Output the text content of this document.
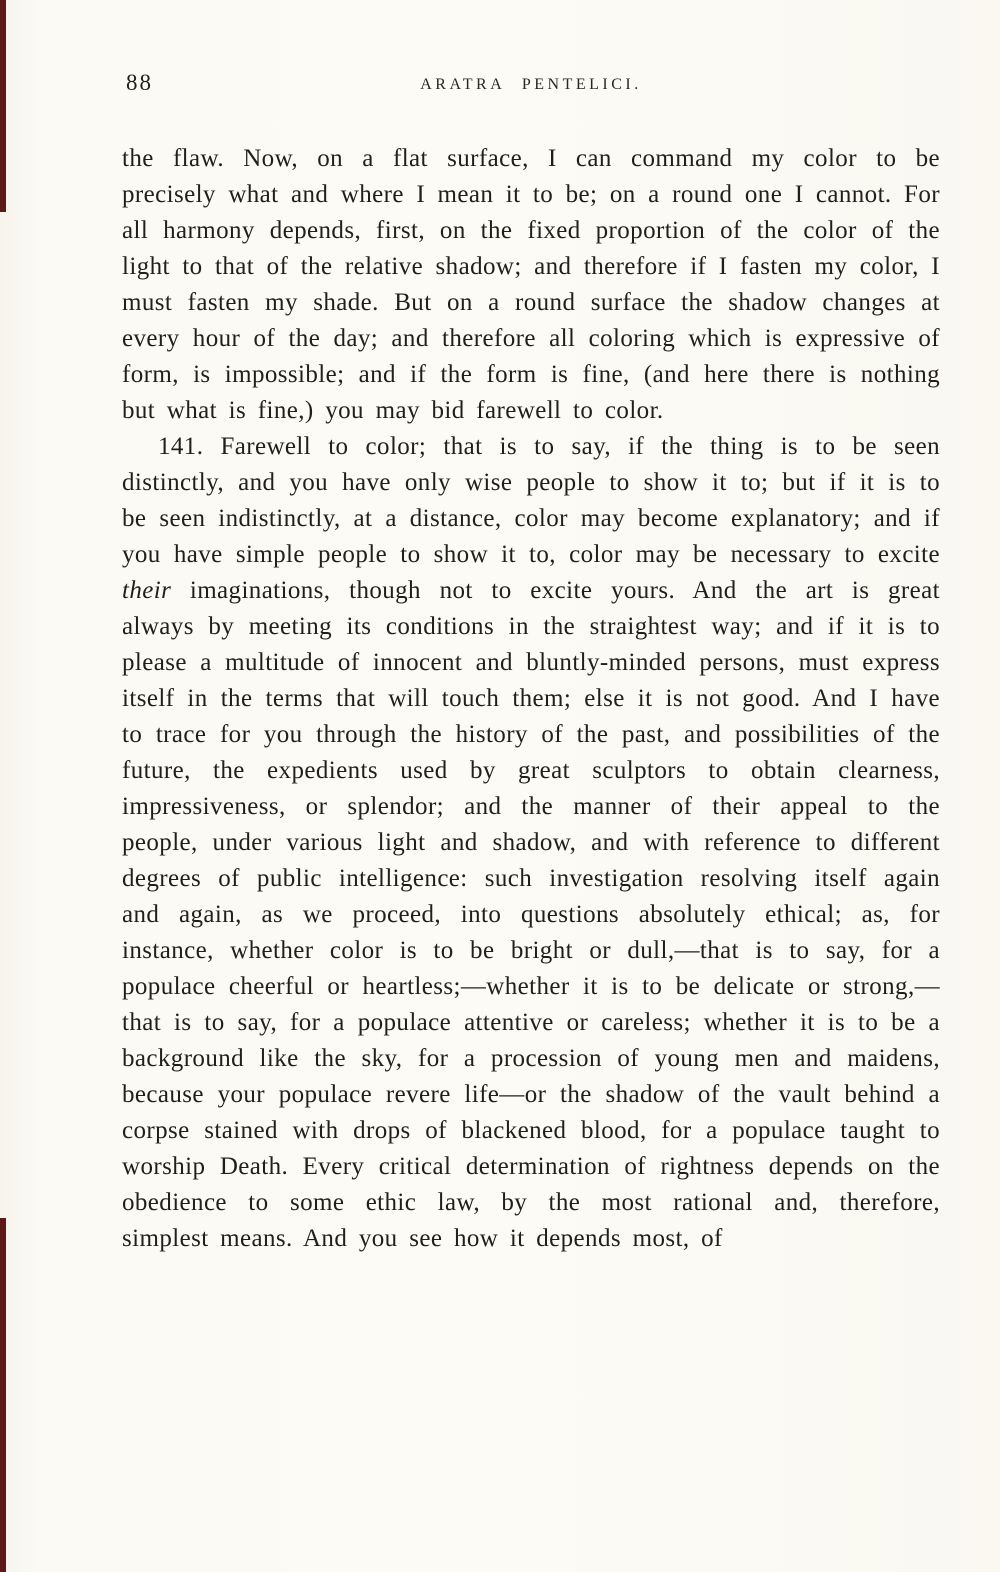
88	ARATRA PENTELICI.

the flaw. Now, on a flat surface, I can command my color to be precisely what and where I mean it to be; on a round one I cannot. For all harmony depends, first, on the fixed proportion of the color of the light to that of the relative shadow; and therefore if I fasten my color, I must fasten my shade. But on a round surface the shadow changes at every hour of the day; and therefore all coloring which is expressive of form, is impossible; and if the form is fine, (and here there is nothing but what is fine,) you may bid farewell to color.

141. Farewell to color; that is to say, if the thing is to be seen distinctly, and you have only wise people to show it to; but if it is to be seen indistinctly, at a distance, color may become explanatory; and if you have simple people to show it to, color may be necessary to excite their imaginations, though not to excite yours. And the art is great always by meeting its conditions in the straightest way; and if it is to please a multitude of innocent and bluntly-minded persons, must express itself in the terms that will touch them; else it is not good. And I have to trace for you through the history of the past, and possibilities of the future, the expedients used by great sculptors to obtain clearness, impressiveness, or splendor; and the manner of their appeal to the people, under various light and shadow, and with reference to different degrees of public intelligence: such investigation resolving itself again and again, as we proceed, into questions absolutely ethical; as, for instance, whether color is to be bright or dull,—that is to say, for a populace cheerful or heartless;—whether it is to be delicate or strong,—that is to say, for a populace attentive or careless; whether it is to be a background like the sky, for a procession of young men and maidens, because your populace revere life—or the shadow of the vault behind a corpse stained with drops of blackened blood, for a populace taught to worship Death. Every critical determination of rightness depends on the obedience to some ethic law, by the most rational and, therefore, simplest means. And you see how it depends most, of
